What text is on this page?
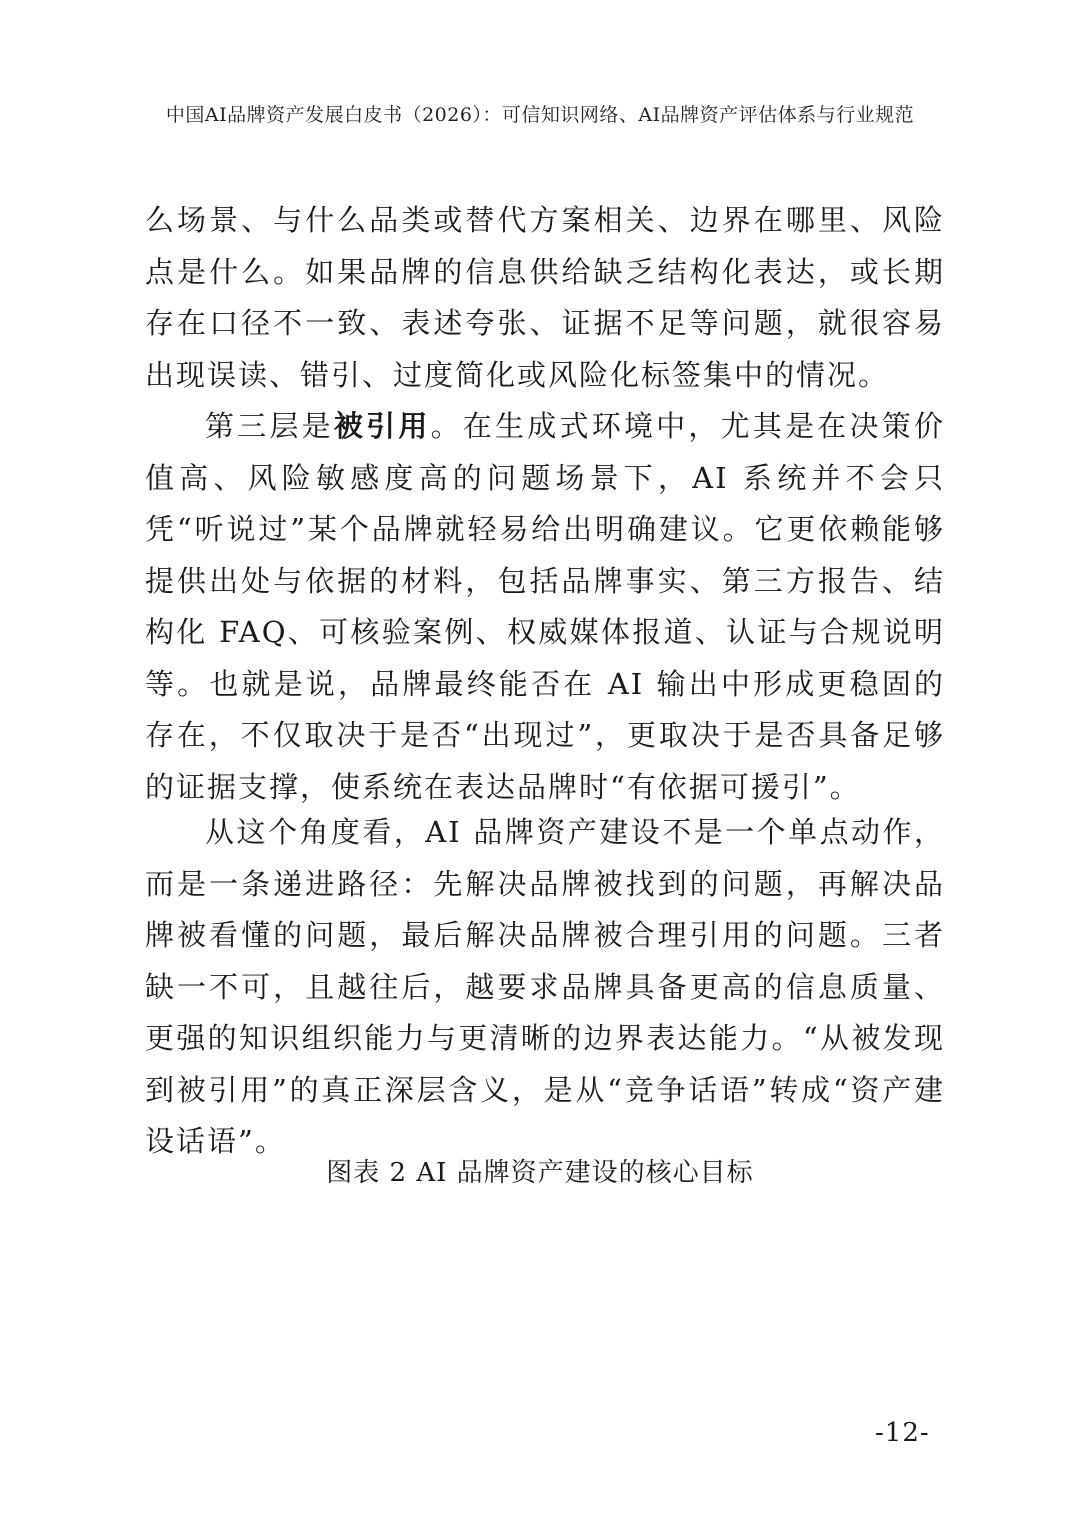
中国AI品牌资产发展白皮书（2026）：可信知识网络、AI品牌资产评估体系与行业规范

么场景、与什么品类或替代方案相关、边界在哪里、风险点是什么。如果品牌的信息供给缺乏结构化表达，或长期存在口径不一致、表述夸张、证据不足等问题，就很容易出现误读、错引、过度简化或风险化标签集中的情况。

第三层是被引用。在生成式环境中，尤其是在决策价值高、风险敏感度高的问题场景下，AI 系统并不会只凭“听说过”某个品牌就轻易给出明确建议。它更依赖能够提供出处与依据的材料，包括品牌事实、第三方报告、结构化 FAQ、可核验案例、权威媒体报道、认证与合规说明等。也就是说，品牌最终能否在 AI 输出中形成更稳固的存在，不仅取决于是否“出现过”，更取决于是否具备足够的证据支撑，使系统在表达品牌时“有依据可援引”。

从这个角度看，AI 品牌资产建设不是一个单点动作，而是一条递进路径：先解决品牌被找到的问题，再解决品牌被看懂的问题，最后解决品牌被合理引用的问题。三者缺一不可，且越往后，越要求品牌具备更高的信息质量、更强的知识组织能力与更清晰的边界表达能力。“从被发现到被引用”的真正深层含义，是从“竞争话语”转成“资产建设话语”。

图表 2 AI 品牌资产建设的核心目标
-12-
